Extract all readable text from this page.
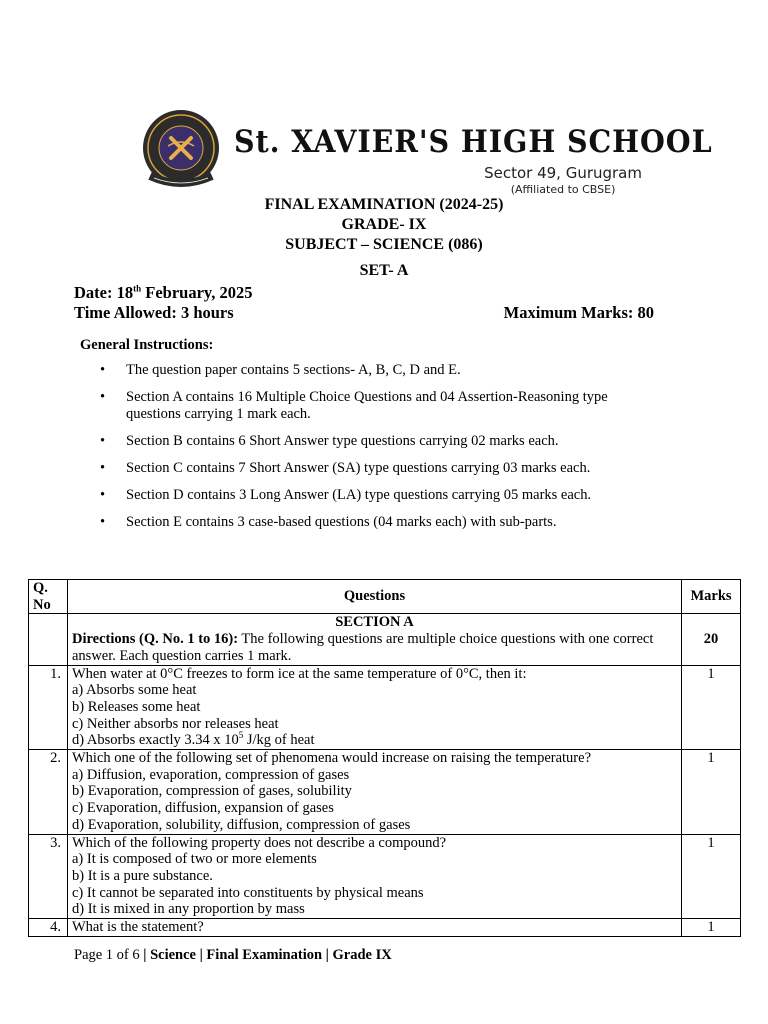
St. XAVIER'S HIGH SCHOOL
Sector 49, Gurugram
(Affiliated to CBSE)
FINAL EXAMINATION (2024-25)
GRADE- IX
SUBJECT – SCIENCE (086)
SET- A
Date: 18th February, 2025
Time Allowed: 3 hours	Maximum Marks: 80
General Instructions:
• The question paper contains 5 sections- A, B, C, D and E.
• Section A contains 16 Multiple Choice Questions and 04 Assertion-Reasoning type questions carrying 1 mark each.
• Section B contains 6 Short Answer type questions carrying 02 marks each.
• Section C contains 7 Short Answer (SA) type questions carrying 03 marks each.
• Section D contains 3 Long Answer (LA) type questions carrying 05 marks each.
• Section E contains 3 case-based questions (04 marks each) with sub-parts.
Q.
No	Questions	Marks

	SECTION A
Directions (Q. No. 1 to 16): The following questions are multiple choice questions with one correct answer. Each question carries 1 mark.	20
1.	When water at 0°C freezes to form ice at the same temperature of 0°C, then it:
a) Absorbs some heat
b) Releases some heat
c) Neither absorbs nor releases heat
d) Absorbs exactly 3.34 x $10^5$ J/kg of heat	1
2.	Which one of the following set of phenomena would increase on raising the temperature?
a) Diffusion, evaporation, compression of gases
b) Evaporation, compression of gases, solubility
c) Evaporation, diffusion, expansion of gases
d) Evaporation, solubility, diffusion, compression of gases	1
3.	Which of the following property does not describe a compound?
a) It is composed of two or more elements
b) It is a pure substance.
c) It cannot be separated into constituents by physical means
d) It is mixed in any proportion by mass	1
4.	What is the statement?	1
Page 1 of 6 | Science | Final Examination | Grade IX
